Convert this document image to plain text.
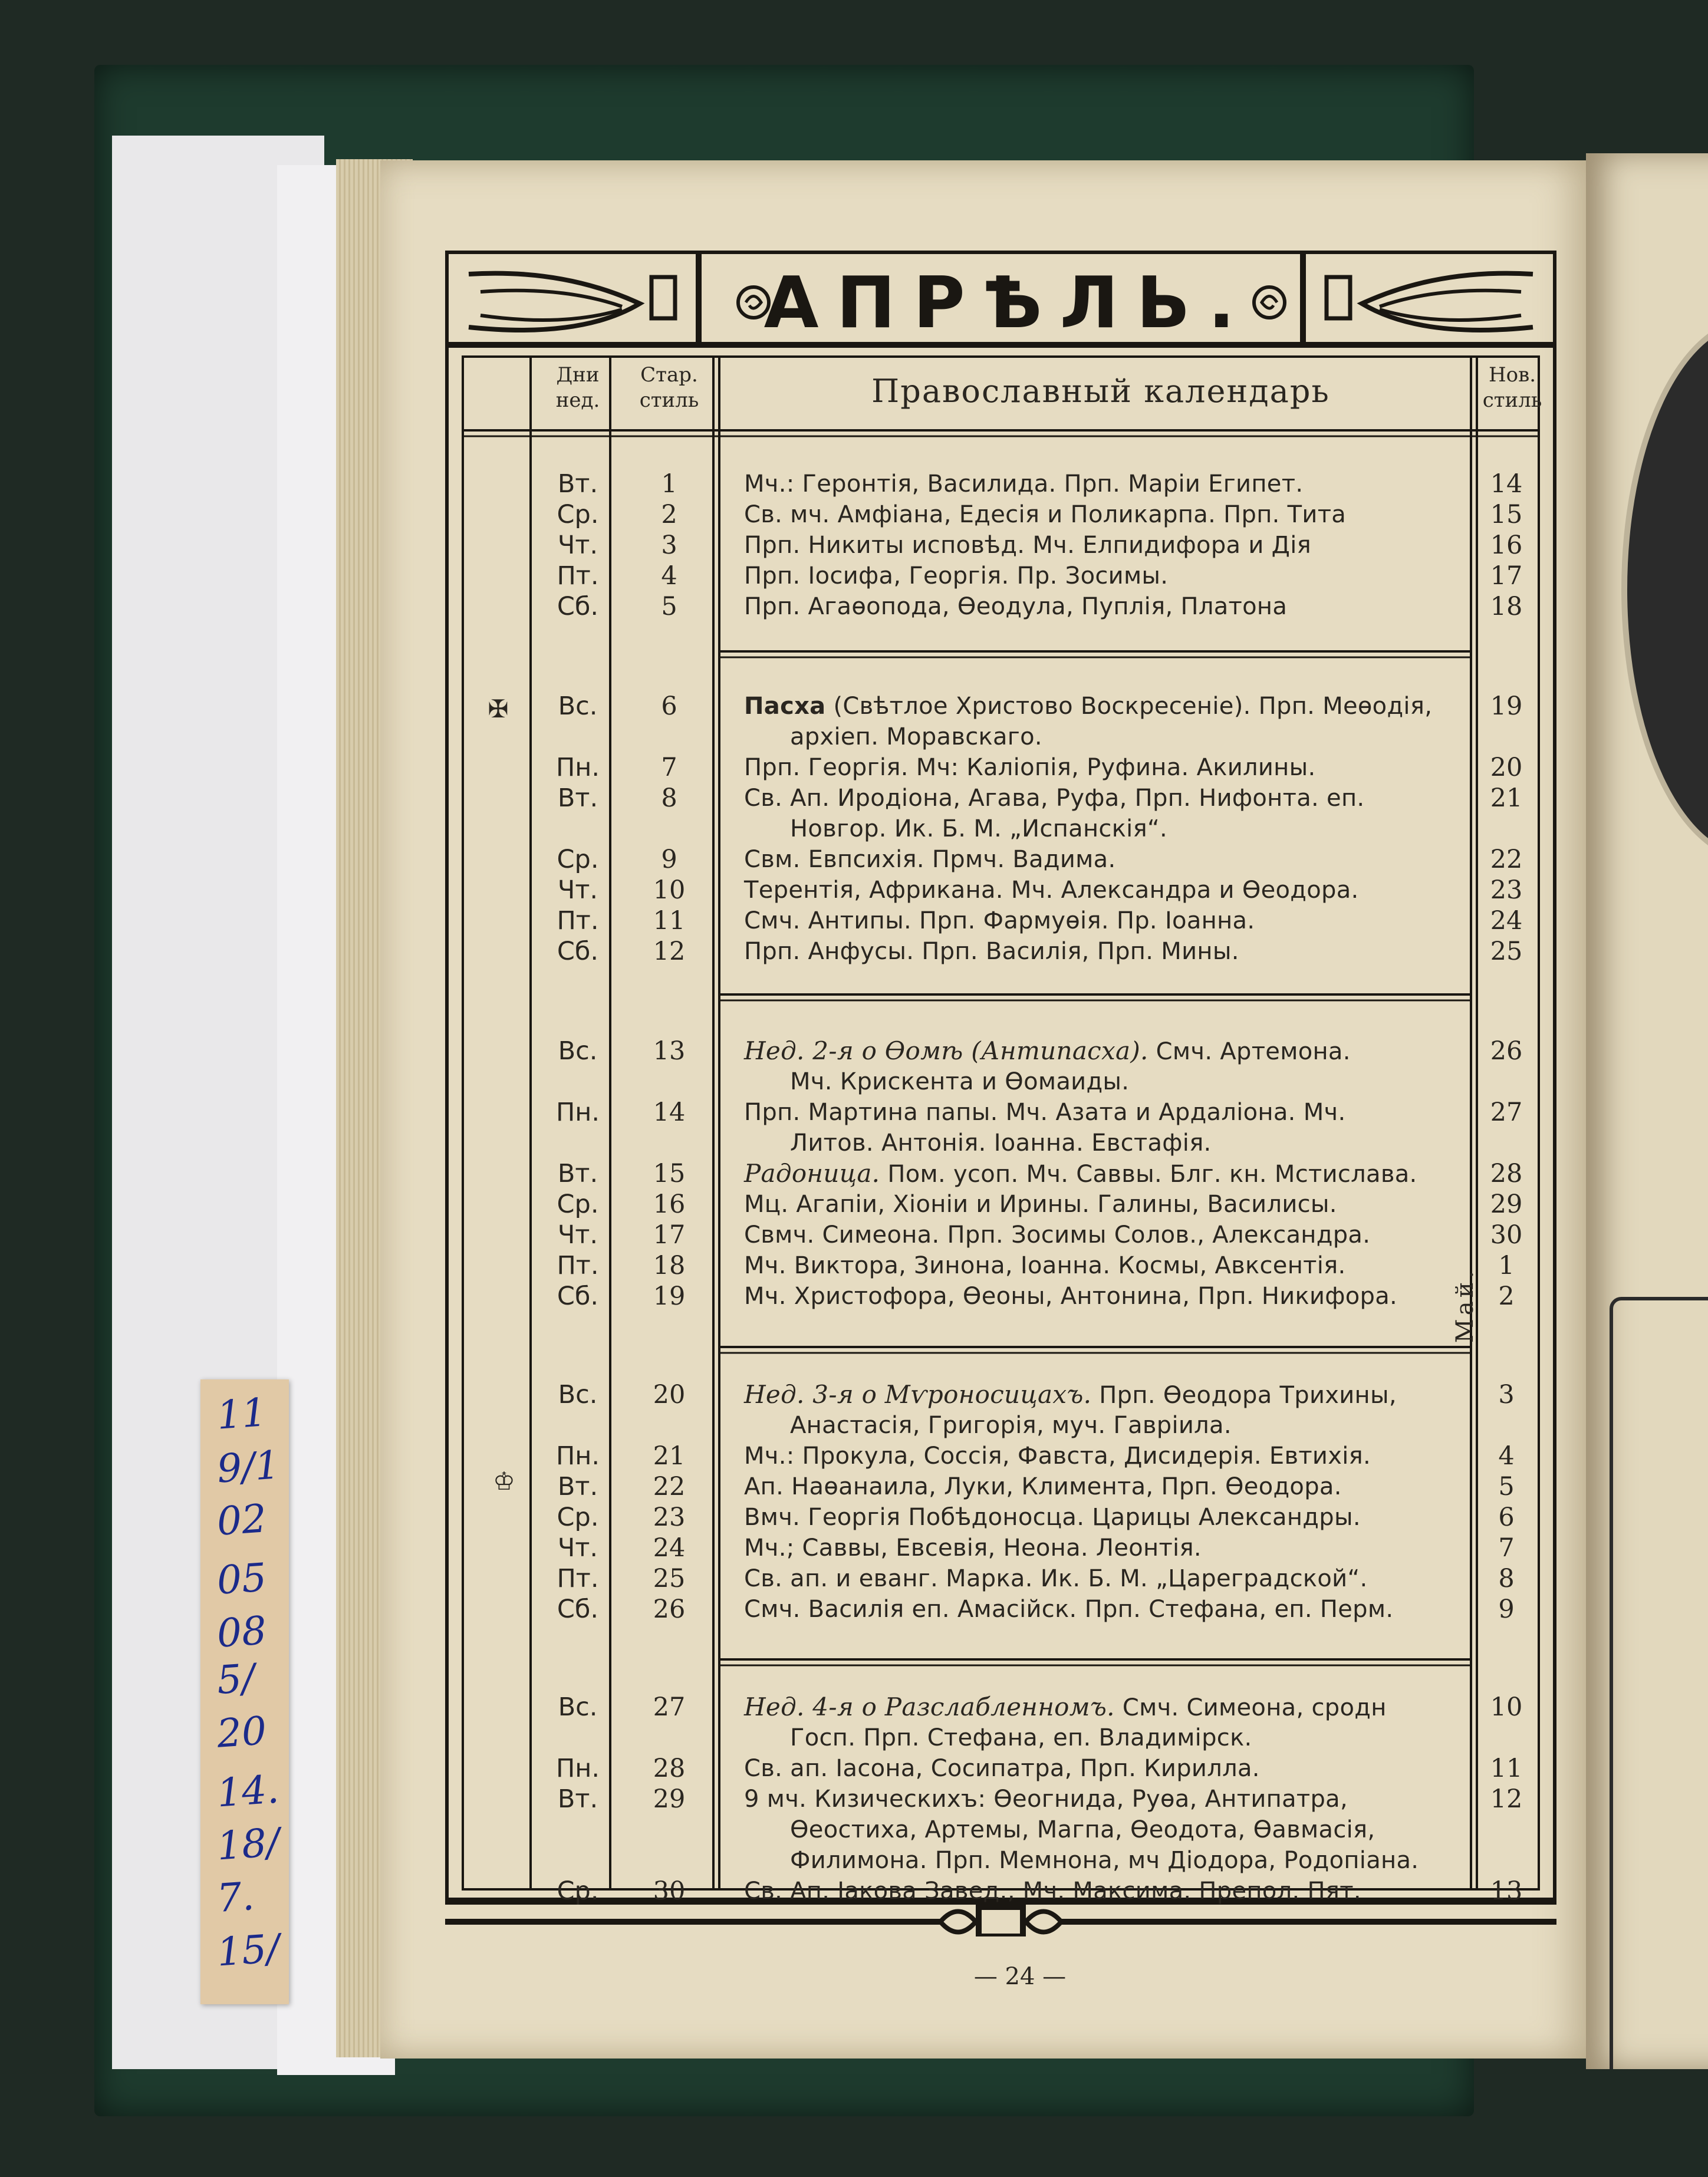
11
9/1
02
05
08
5/
20
14.
18/
7.
15/
АПРѢЛЬ.
Дни нед.
Стар. стиль	Православный календарь	Нов. стиль
✠
♔
Вт.
Ср.
Чт.
Пт.
Сб.
Вс.
Пн.
Вт.
Ср.
Чт.
Пт.
Сб.
Вс.
Пн.
Вт.
Ср.
Чт.
Пт.
Сб.
Вс.
Пн.
Вт.
Ср.
Чт.
Пт.
Сб.
Вс.
Пн.
Вт.
Ср.
1
2
3
4
5
6
7
8
9
10
11
12
13
14
15
16
17
18
19
20
21
22
23
24
25
26
27
28
29
30
Мч.: Геронтія, Василида. Прп. Маріи Египет.
Св. мч. Амфіана, Едесія и Поликарпа. Прп. Тита
Прп. Никиты исповѣд. Мч. Елпидифора и Дія
Прп. Іосифа, Георгія. Пр. Зосимы.
Прп. Агаѳопода, Ѳеодула, Пуплія, Платона
Пасха (Свѣтлое Христово Воскресеніе). Прп. Меѳодія,
архіеп. Моравскаго.
Прп. Георгія. Мч: Каліопія, Руфина. Акилины.
Св. Ап. Иродіона, Агава, Руфа, Прп. Нифонта. еп.
Новгор. Ик. Б. М. „Испанскія“.
Свм. Евпсихія. Прмч. Вадима.
Терентія, Африкана. Мч. Александра и Ѳеодора.
Смч. Антипы. Прп. Фармуѳія. Пр. Іоанна.
Прп. Анфусы. Прп. Василія, Прп. Мины.
Нед. 2-я о Ѳомѣ (Антипасха). Смч. Артемона.
Мч. Крискента и Ѳомаиды.
Прп. Мартина папы. Мч. Азата и Ардаліона. Мч.
Литов. Антонія. Іоанна. Евстафія.
Радоница. Пом. усоп. Мч. Саввы. Блг. кн. Мстислава.
Мц. Агапіи, Хіоніи и Ирины. Галины, Василисы.
Свмч. Симеона. Прп. Зосимы Солов., Александра.
Мч. Виктора, Зинона, Іоанна. Космы, Авксентія.
Мч. Христофора, Ѳеоны, Антонина, Прп. Никифора.
Нед. 3-я о Мѵроносицахъ. Прп. Ѳеодора Трихины,
Анастасія, Григорія, муч. Гавріила.
Мч.: Прокула, Соссія, Фавста, Дисидерія. Евтихія.
Ап. Наѳанаила, Луки, Климента, Прп. Ѳеодора.
Вмч. Георгія Побѣдоносца. Царицы Александры.
Мч.; Саввы, Евсевія, Неона. Леонтія.
Св. ап. и еванг. Марка. Ик. Б. М. „Цареградской“.
Смч. Василія еп. Амасійск. Прп. Стефана, еп. Перм.
Нед. 4-я о Разслабленномъ. Смч. Симеона, сродн
Госп. Прп. Стефана, еп. Владимірск.
Св. ап. Іасона, Сосипатра, Прп. Кирилла.
9 мч. Кизическихъ: Ѳеогнида, Руѳа, Антипатра,
Ѳеостиха, Артемы, Магпа, Ѳеодота, Ѳавмасія,
Филимона. Прп. Мемнона, мч Діодора, Родопіана.
Св. Ап. Іакова Завед., Мч. Максима. Препол. Пят.
14
15
16
17
18
19
20
21
22
23
24
25
26
27
28
29
30
1
2
3
4
5
6
7
8
9
10
11
12
13
Май.
— 24 —
